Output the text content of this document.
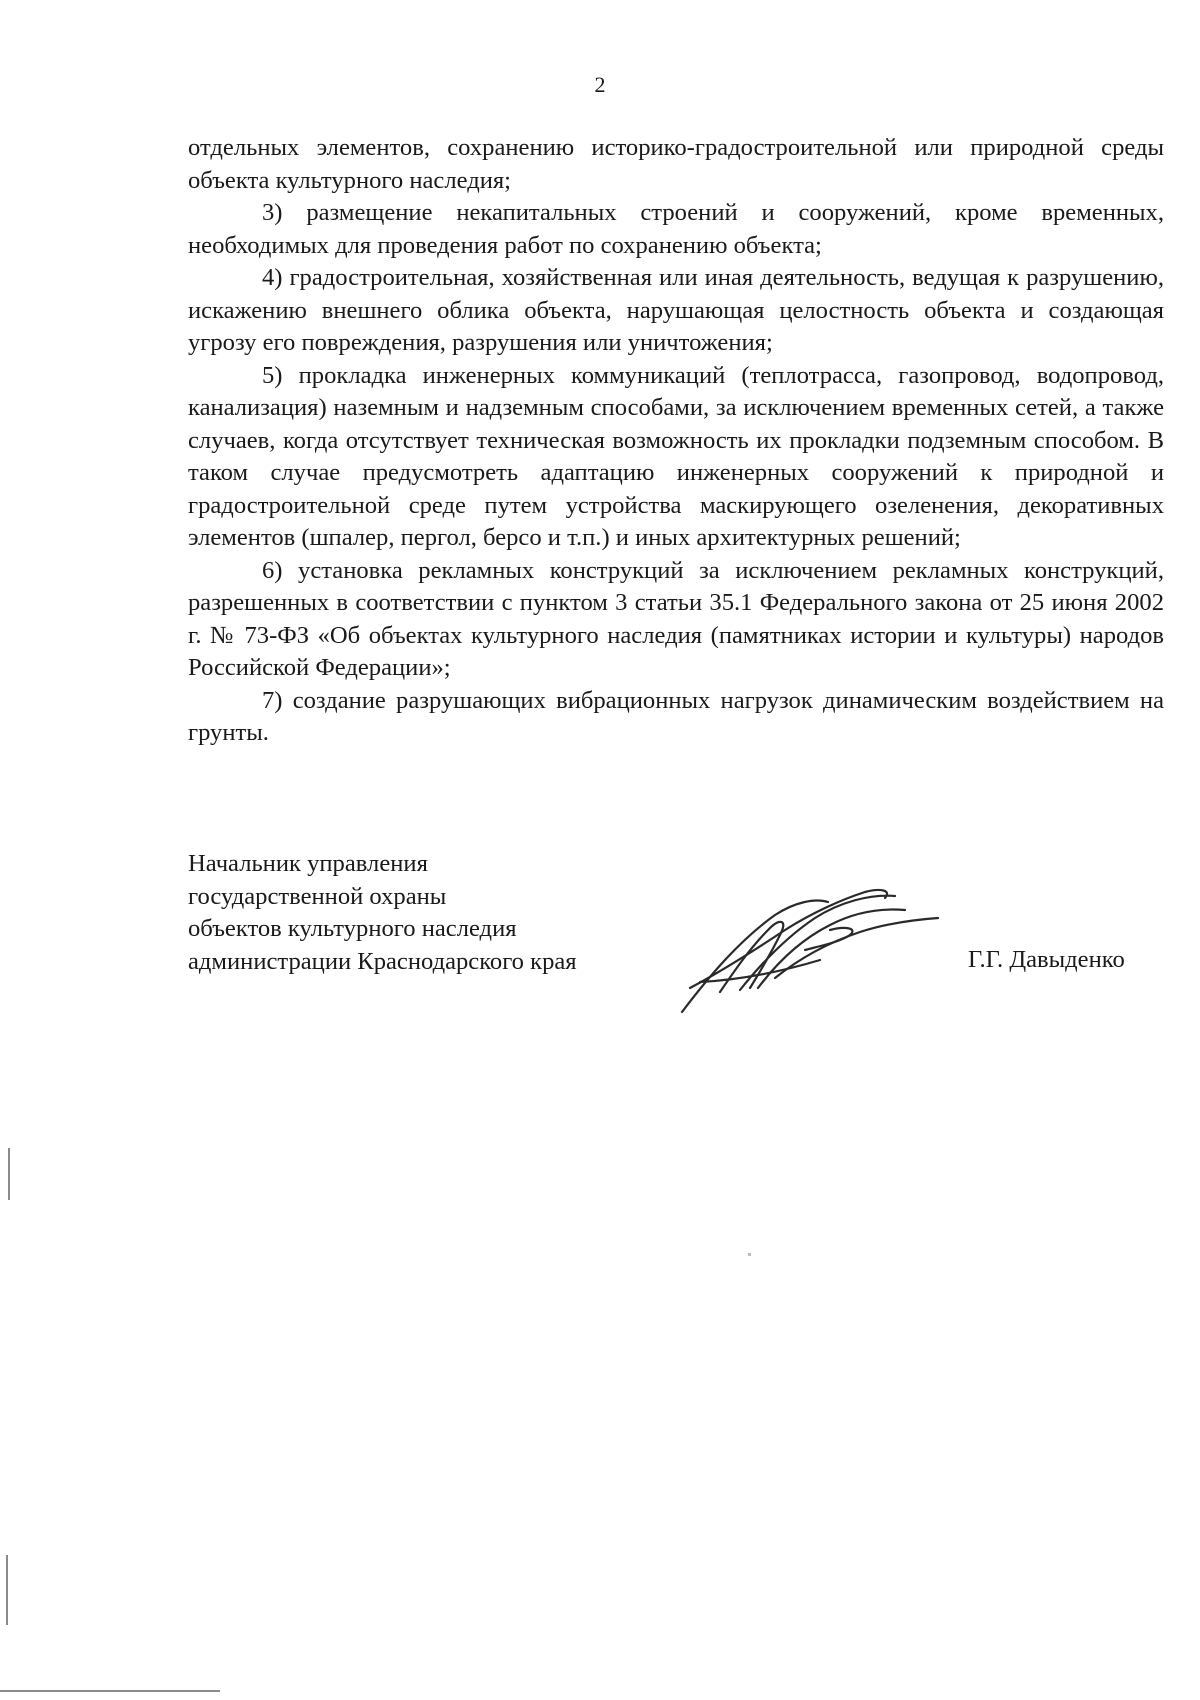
2

отдельных элементов, сохранению историко-градостроительной или природной среды объекта культурного наследия;

3) размещение некапитальных строений и сооружений, кроме временных, необходимых для проведения работ по сохранению объекта;

4) градостроительная, хозяйственная или иная деятельность, ведущая к разрушению, искажению внешнего облика объекта, нарушающая целостность объекта и создающая угрозу его повреждения, разрушения или уничтожения;

5) прокладка инженерных коммуникаций (теплотрасса, газопровод, водопровод, канализация) наземным и надземным способами, за исключением временных сетей, а также случаев, когда отсутствует техническая возможность их прокладки подземным способом. В таком случае предусмотреть адаптацию инженерных сооружений к природной и градостроительной среде путем устройства маскирующего озеленения, декоративных элементов (шпалер, пергол, берсо и т.п.) и иных архитектурных решений;

6) установка рекламных конструкций за исключением рекламных конструкций, разрешенных в соответствии с пунктом 3 статьи 35.1 Федерального закона от 25 июня 2002 г. № 73-ФЗ «Об объектах культурного наследия (памятниках истории и культуры) народов Российской Федерации»;

7) создание разрушающих вибрационных нагрузок динамическим воздействием на грунты.

Начальник управления
государственной охраны
объектов культурного наследия
администрации Краснодарского края	Г.Г. Давыденко
